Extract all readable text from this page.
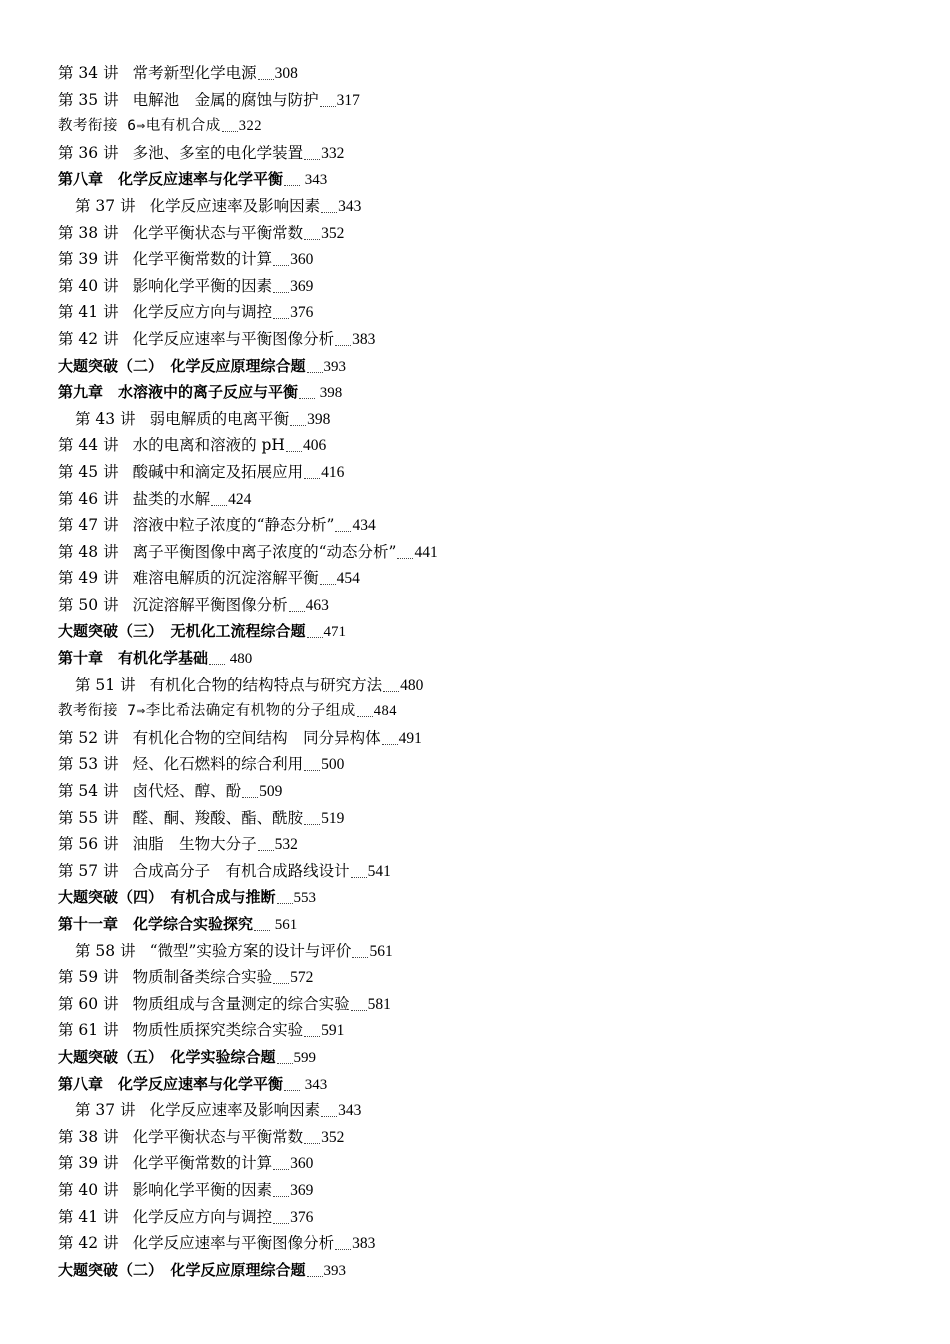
第 34 讲 常考新型化学电源 308
第 35 讲 电解池　金属的腐蚀与防护 317
教考衔接 6⇒电有机合成 322
第 36 讲 多池、多室的电化学装置 332
第八章　化学反应速率与化学平衡 343
第 37 讲 化学反应速率及影响因素 343
第 38 讲 化学平衡状态与平衡常数 352
第 39 讲 化学平衡常数的计算 360
第 40 讲 影响化学平衡的因素 369
第 41 讲 化学反应方向与调控 376
第 42 讲 化学反应速率与平衡图像分析 383
大题突破（二）　化学反应原理综合题 393
第九章　水溶液中的离子反应与平衡 398
第 43 讲 弱电解质的电离平衡 398
第 44 讲 水的电离和溶液的 pH 406
第 45 讲 酸碱中和滴定及拓展应用 416
第 46 讲 盐类的水解 424
第 47 讲 溶液中粒子浓度的“静态分析” 434
第 48 讲 离子平衡图像中离子浓度的“动态分析” 441
第 49 讲 难溶电解质的沉淀溶解平衡 454
第 50 讲 沉淀溶解平衡图像分析 463
大题突破（三）　无机化工流程综合题 471
第十章　有机化学基础 480
第 51 讲 有机化合物的结构特点与研究方法 480
教考衔接 7⇒李比希法确定有机物的分子组成 484
第 52 讲 有机化合物的空间结构　同分异构体 491
第 53 讲 烃、化石燃料的综合利用 500
第 54 讲 卤代烃、醇、酚 509
第 55 讲 醛、酮、羧酸、酯、酰胺 519
第 56 讲 油脂　生物大分子 532
第 57 讲 合成高分子　有机合成路线设计 541
大题突破（四）　有机合成与推断 553
第十一章　化学综合实验探究 561
第 58 讲 “微型”实验方案的设计与评价 561
第 59 讲 物质制备类综合实验 572
第 60 讲 物质组成与含量测定的综合实验 581
第 61 讲 物质性质探究类综合实验 591
大题突破（五）　化学实验综合题 599
第八章　化学反应速率与化学平衡 343
第 37 讲 化学反应速率及影响因素 343
第 38 讲 化学平衡状态与平衡常数 352
第 39 讲 化学平衡常数的计算 360
第 40 讲 影响化学平衡的因素 369
第 41 讲 化学反应方向与调控 376
第 42 讲 化学反应速率与平衡图像分析 383
大题突破（二）　化学反应原理综合题 393
